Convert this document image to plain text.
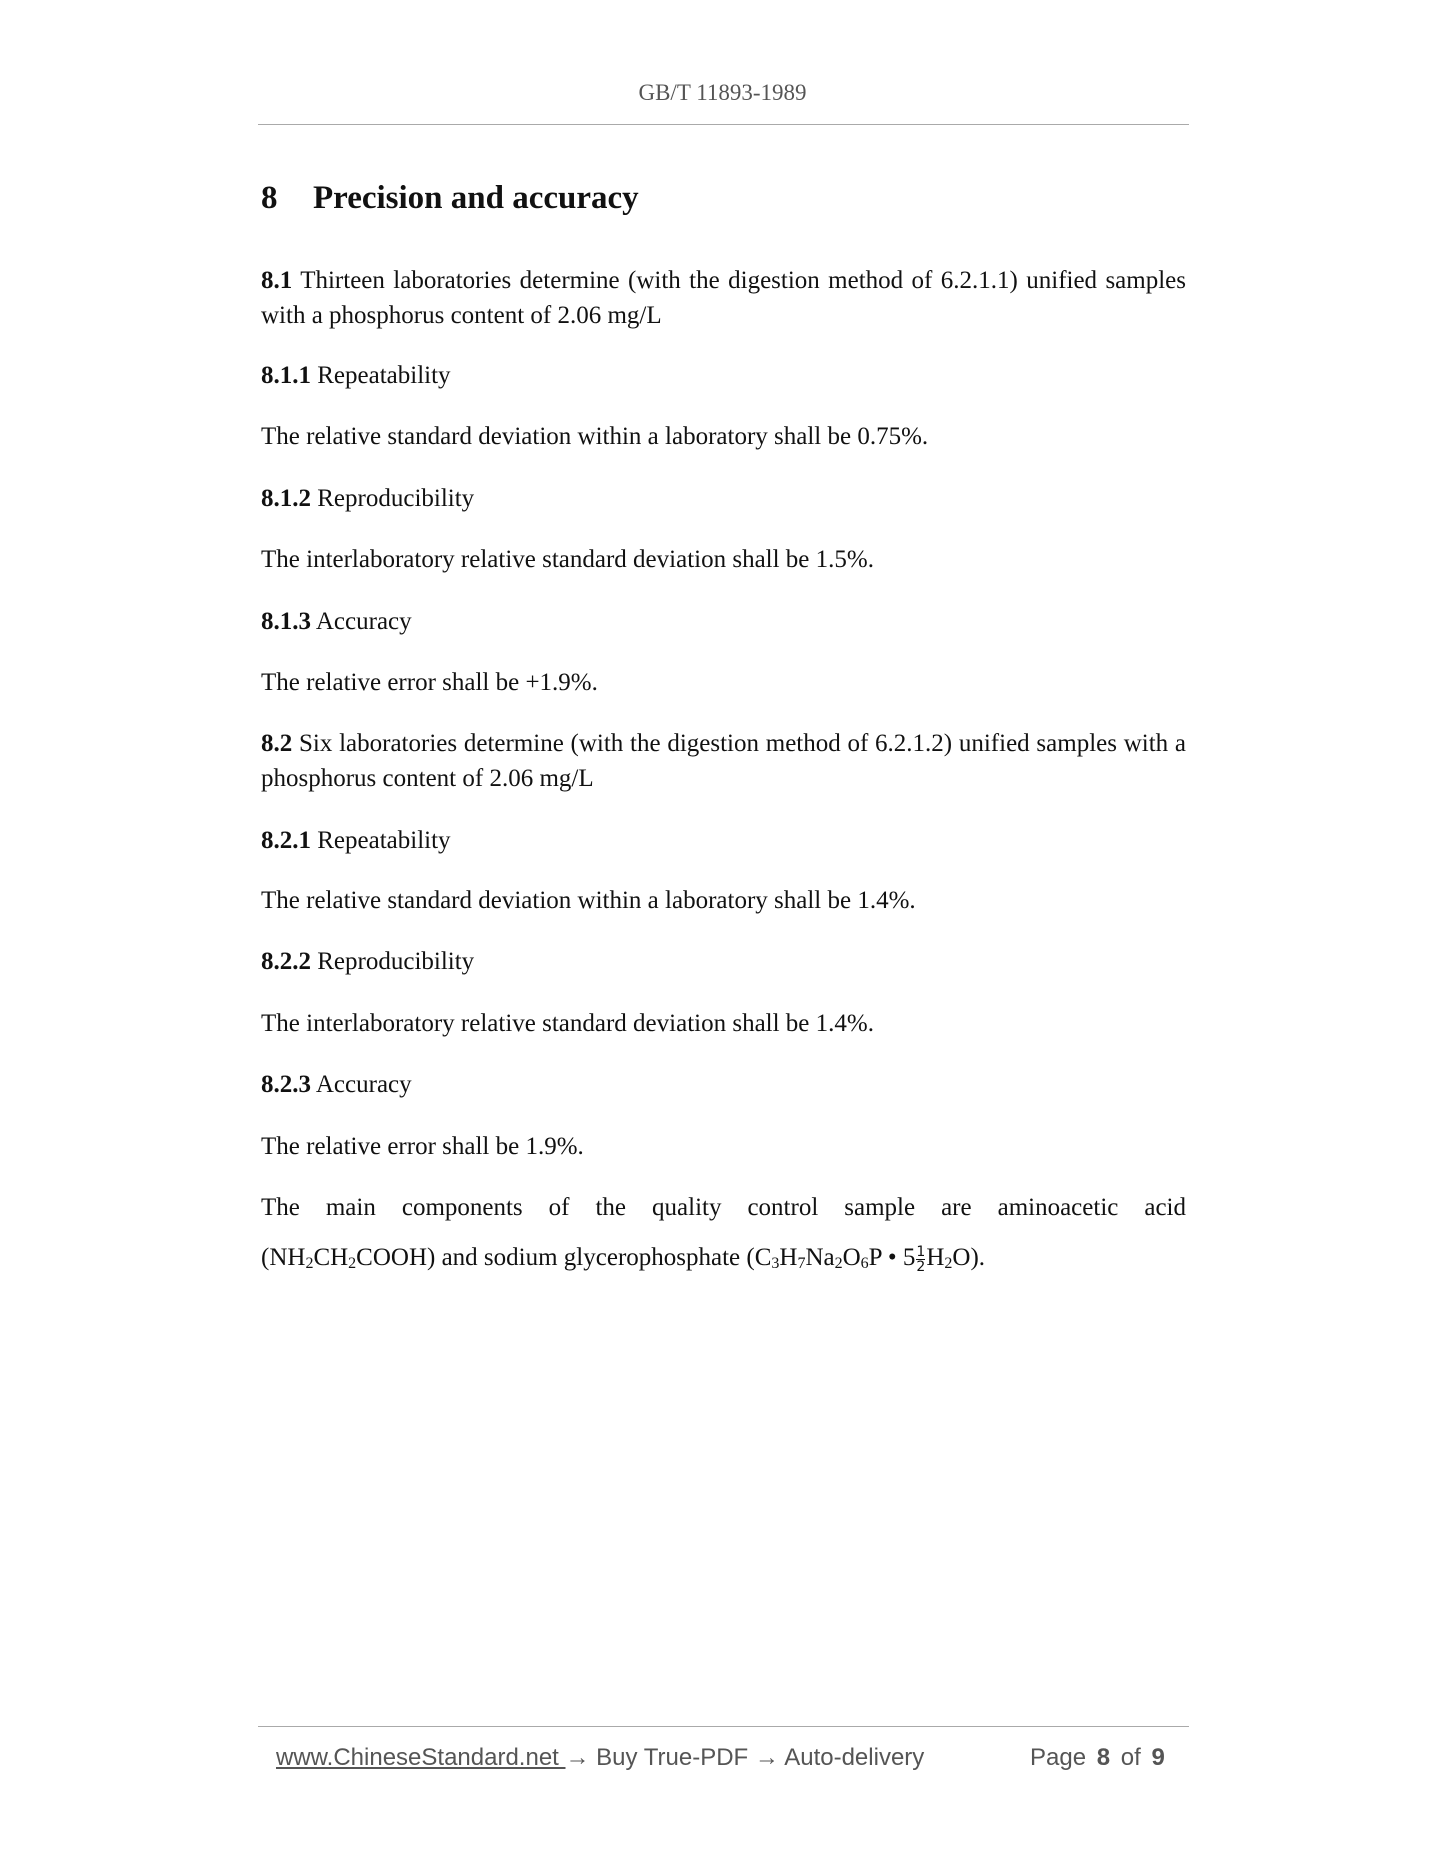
GB/T 11893-1989
8 Precision and accuracy
8.1 Thirteen laboratories determine (with the digestion method of 6.2.1.1) unified samples with a phosphorus content of 2.06 mg/L
8.1.1 Repeatability
The relative standard deviation within a laboratory shall be 0.75%.
8.1.2 Reproducibility
The interlaboratory relative standard deviation shall be 1.5%.
8.1.3 Accuracy
The relative error shall be +1.9%.
8.2 Six laboratories determine (with the digestion method of 6.2.1.2) unified samples with a phosphorus content of 2.06 mg/L
8.2.1 Repeatability
The relative standard deviation within a laboratory shall be 1.4%.
8.2.2 Reproducibility
The interlaboratory relative standard deviation shall be 1.4%.
8.2.3 Accuracy
The relative error shall be 1.9%.
The main components of the quality control sample are aminoacetic acid
$(NH_2CH_2COOH)$ and sodium glycerophosphate ($C_3H_7Na_2O_6P$ • $5 \frac{1}{2} H_2O$).
www.ChineseStandard.net → Buy True-PDF → Auto-delivery	Page 8 of 9
